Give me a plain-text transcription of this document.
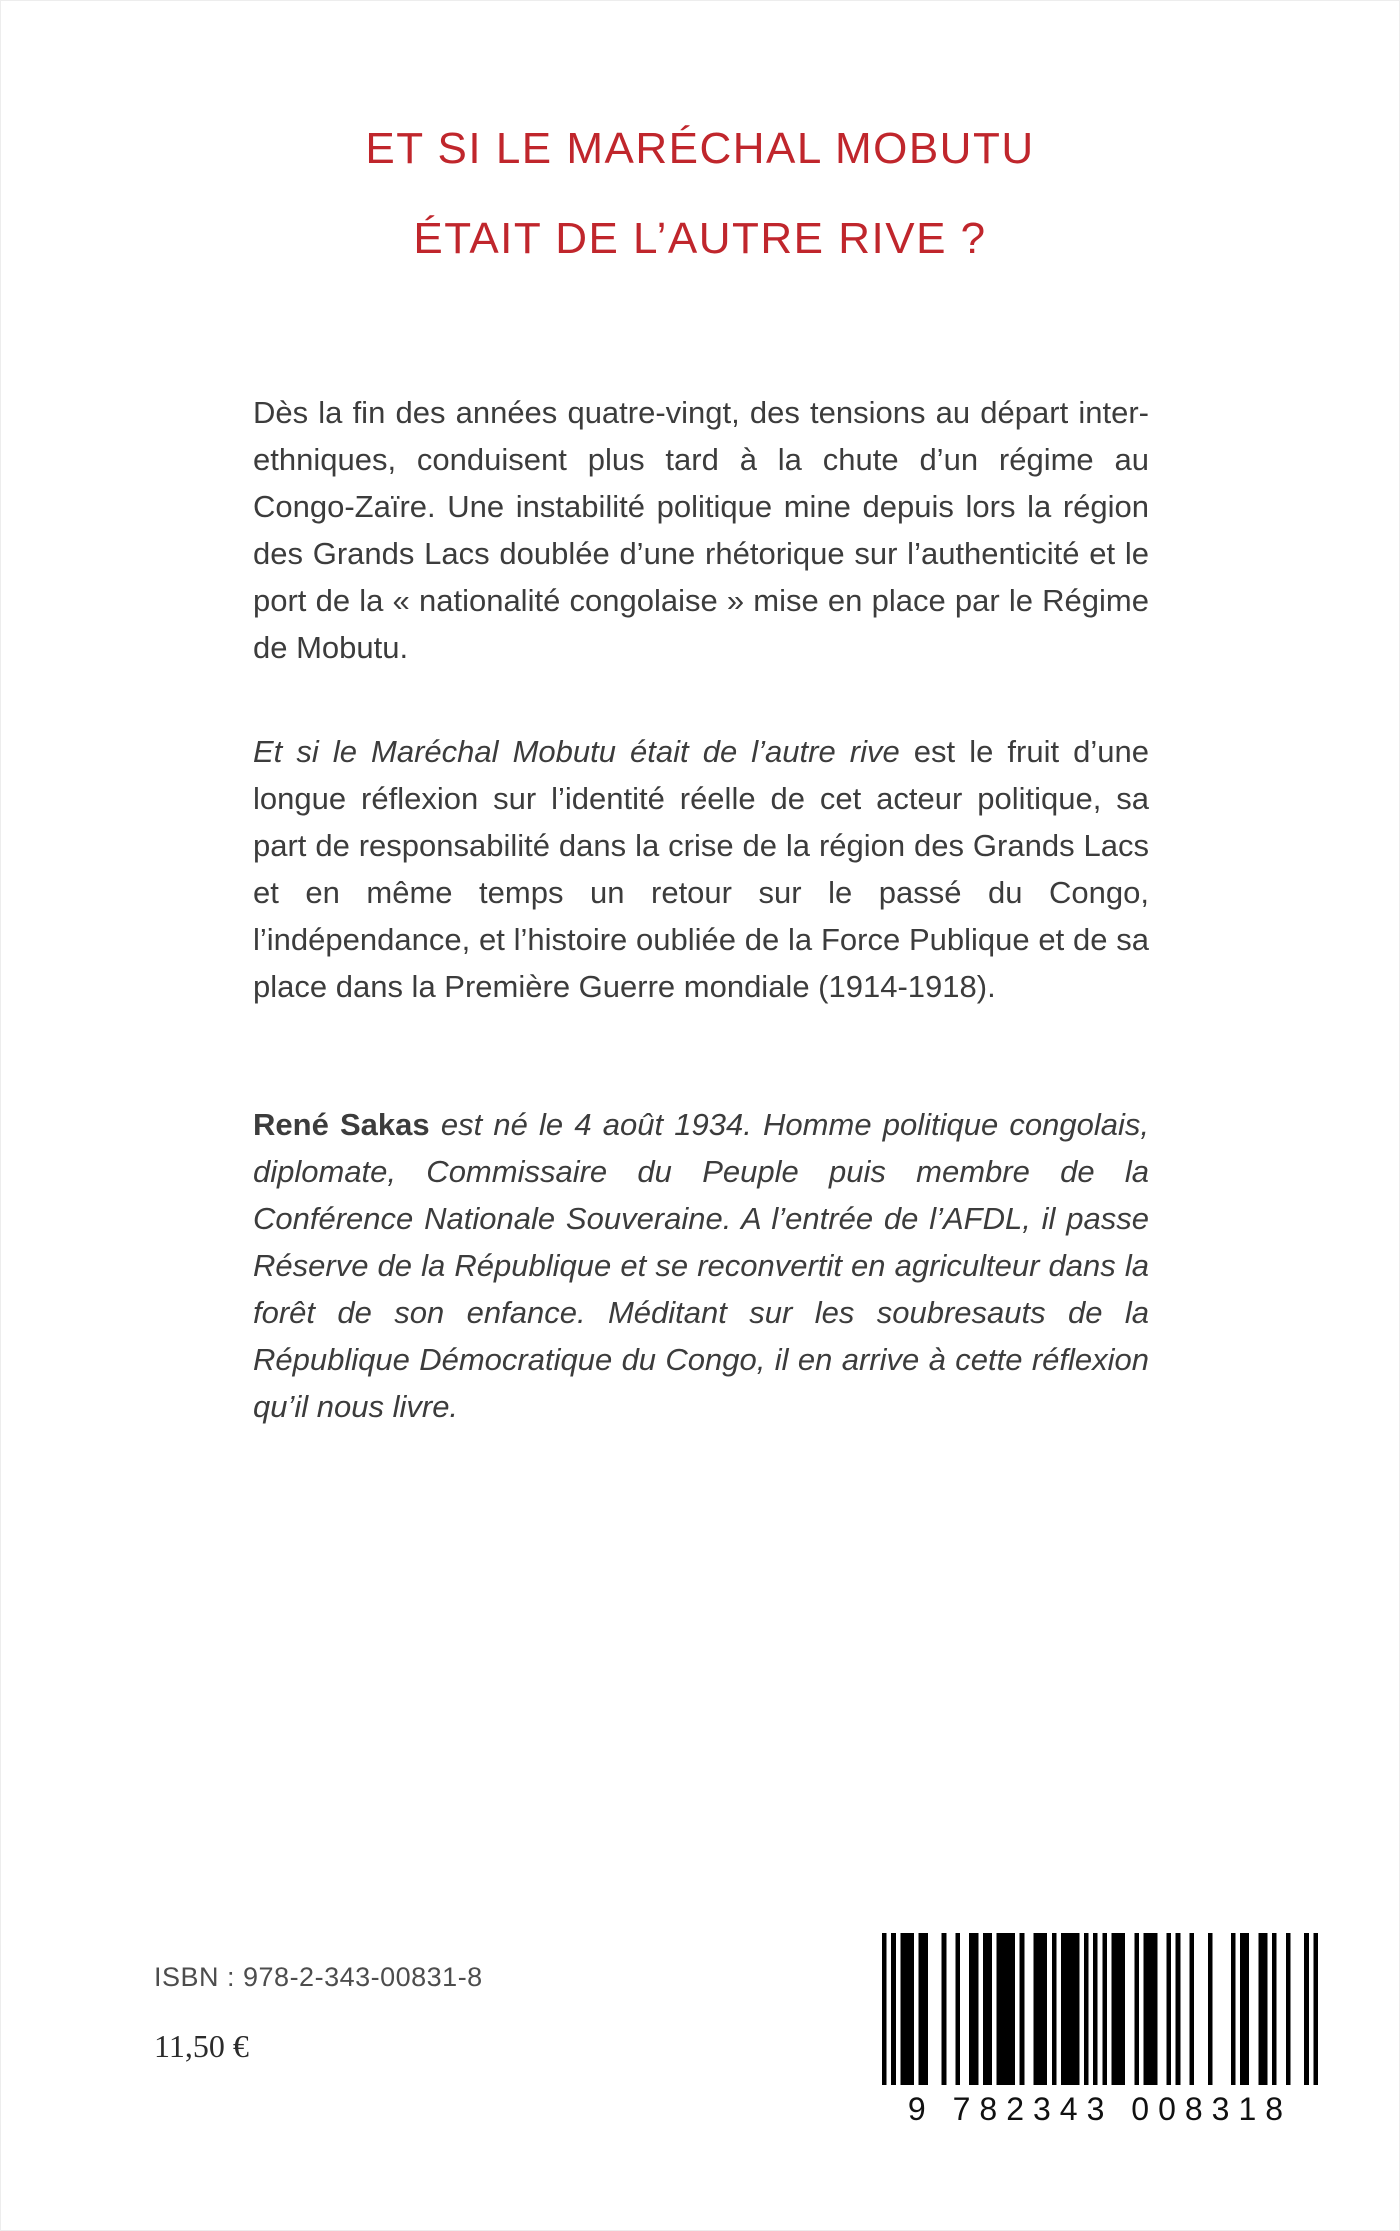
ET SI LE MARÉCHAL MOBUTU
ÉTAIT DE L’AUTRE RIVE ?

Dès la fin des années quatre-vingt, des tensions au départ inter-ethniques, conduisent plus tard à la chute d’un régime au Congo-Zaïre. Une instabilité politique mine depuis lors la région des Grands Lacs doublée d’une rhétorique sur l’authenticité et le port de la « nationalité congolaise » mise en place par le Régime de Mobutu.

Et si le Maréchal Mobutu était de l’autre rive est le fruit d’une longue réflexion sur l’identité réelle de cet acteur politique, sa part de responsabilité dans la crise de la région des Grands Lacs et en même temps un retour sur le passé du Congo, l’indépendance, et l’histoire oubliée de la Force Publique et de sa place dans la Première Guerre mondiale (1914-1918).

René Sakas est né le 4 août 1934. Homme politique congolais, diplomate, Commissaire du Peuple puis membre de la Conférence Nationale Souveraine. A l’entrée de l’AFDL, il passe Réserve de la République et se reconvertit en agriculteur dans la forêt de son enfance. Méditant sur les soubresauts de la République Démocratique du Congo, il en arrive à cette réflexion qu’il nous livre.

ISBN : 978-2-343-00831-8
11,50 €
9 782343 008318
